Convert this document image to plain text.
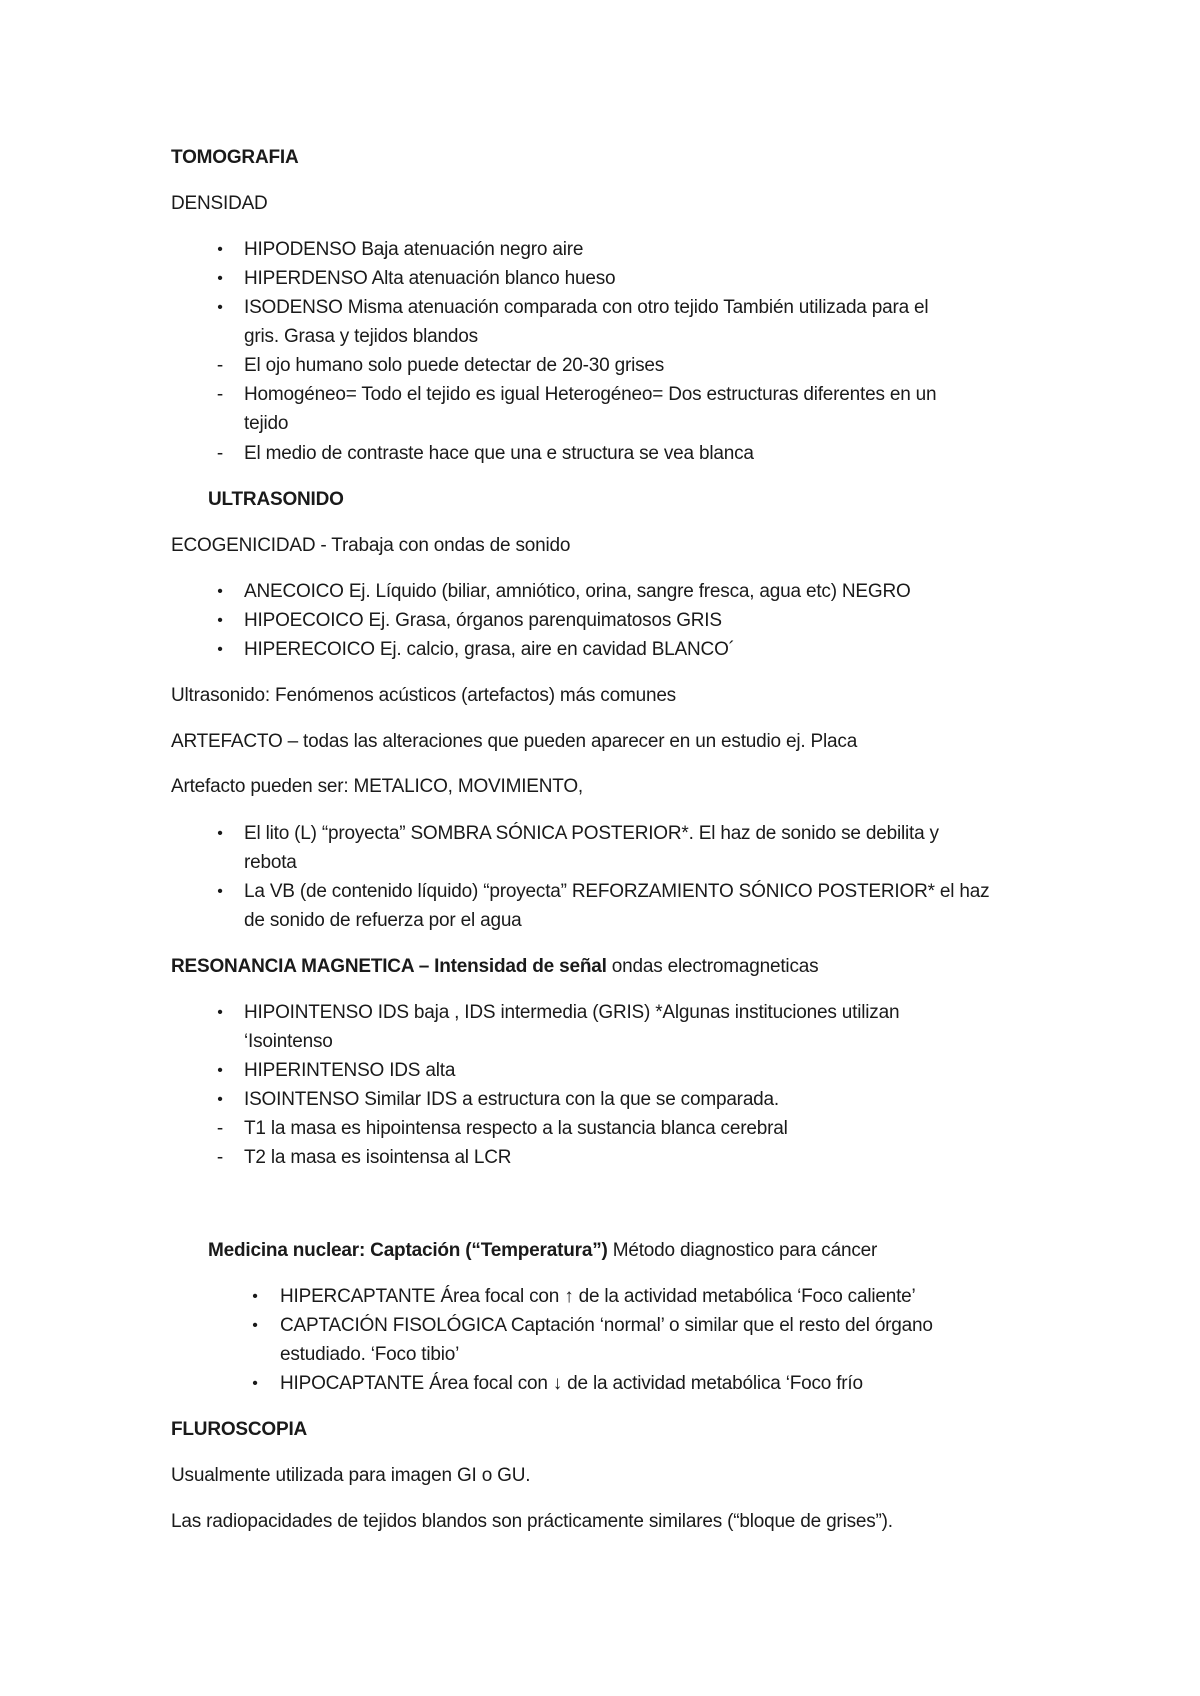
TOMOGRAFIA
DENSIDAD
•	HIPODENSO Baja atenuación negro aire
•	HIPERDENSO Alta atenuación blanco hueso
•	ISODENSO Misma atenuación comparada con otro tejido También utilizada para el
gris. Grasa y tejidos blandos
-	El ojo humano solo puede detectar de 20-30 grises
-	Homogéneo= Todo el tejido es igual Heterogéneo= Dos estructuras diferentes en un
tejido
-	El medio de contraste hace que una e structura se vea blanca
ULTRASONIDO
ECOGENICIDAD - Trabaja con ondas de sonido
•	ANECOICO Ej. Líquido (biliar, amniótico, orina, sangre fresca, agua etc) NEGRO
•	HIPOECOICO Ej. Grasa, órganos parenquimatosos GRIS
•	HIPERECOICO Ej. calcio, grasa, aire en cavidad BLANCO´
Ultrasonido: Fenómenos acústicos (artefactos) más comunes
ARTEFACTO – todas las alteraciones que pueden aparecer en un estudio ej. Placa
Artefacto pueden ser: METALICO, MOVIMIENTO,
•	El lito (L) “proyecta” SOMBRA SÓNICA POSTERIOR*. El haz de sonido se debilita y
rebota
•	La VB (de contenido líquido) “proyecta” REFORZAMIENTO SÓNICO POSTERIOR* el haz
de sonido de refuerza por el agua
RESONANCIA MAGNETICA – Intensidad de señal ondas electromagneticas
•	HIPOINTENSO IDS baja , IDS intermedia (GRIS) *Algunas instituciones utilizan
‘Isointenso
•	HIPERINTENSO IDS alta
•	ISOINTENSO Similar IDS a estructura con la que se comparada.
-	T1 la masa es hipointensa respecto a la sustancia blanca cerebral
-	T2 la masa es isointensa al LCR
Medicina nuclear: Captación (“Temperatura”) Método diagnostico para cáncer
•	HIPERCAPTANTE Área focal con ↑ de la actividad metabólica ‘Foco caliente’
•	CAPTACIÓN FISOLÓGICA Captación ‘normal’ o similar que el resto del órgano
estudiado. ‘Foco tibio’
•	HIPOCAPTANTE Área focal con ↓ de la actividad metabólica ‘Foco frío
FLUROSCOPIA
Usualmente utilizada para imagen GI o GU.
Las radiopacidades de tejidos blandos son prácticamente similares (“bloque de grises”).
